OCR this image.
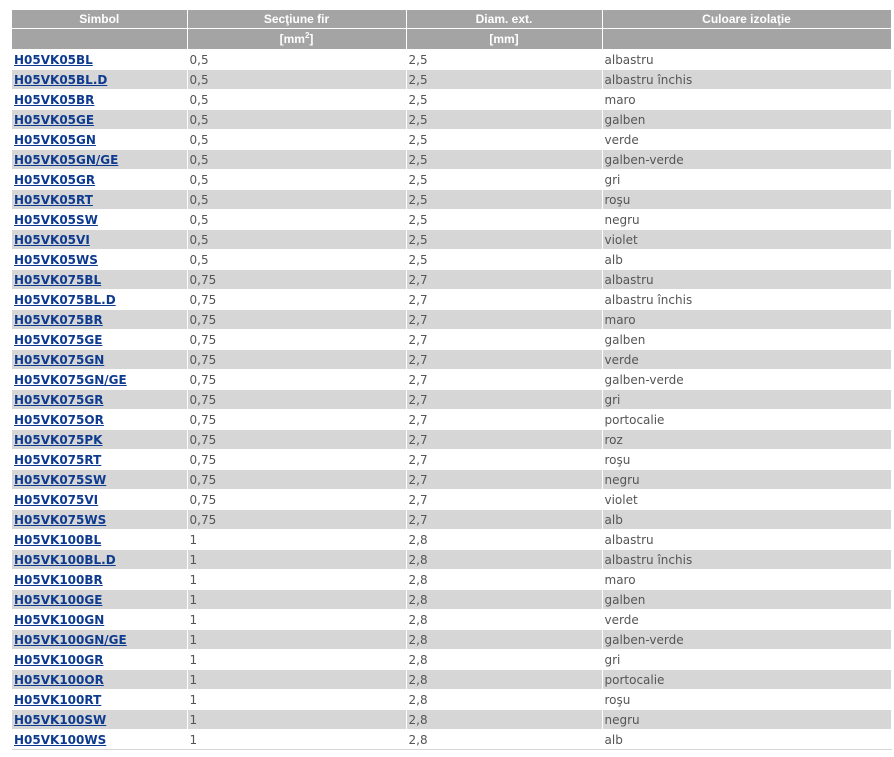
Simbol	Secţiune fir	Diam. ext.	Culoare izolaţie
	$[mm^2]$	[mm]	
H05VK05BL	0,5	2,5	albastru
H05VK05BL.D	0,5	2,5	albastru închis
H05VK05BR	0,5	2,5	maro
H05VK05GE	0,5	2,5	galben
H05VK05GN	0,5	2,5	verde
H05VK05GN/GE	0,5	2,5	galben-verde
H05VK05GR	0,5	2,5	gri
H05VK05RT	0,5	2,5	roşu
H05VK05SW	0,5	2,5	negru
H05VK05VI	0,5	2,5	violet
H05VK05WS	0,5	2,5	alb
H05VK075BL	0,75	2,7	albastru
H05VK075BL.D	0,75	2,7	albastru închis
H05VK075BR	0,75	2,7	maro
H05VK075GE	0,75	2,7	galben
H05VK075GN	0,75	2,7	verde
H05VK075GN/GE	0,75	2,7	galben-verde
H05VK075GR	0,75	2,7	gri
H05VK075OR	0,75	2,7	portocalie
H05VK075PK	0,75	2,7	roz
H05VK075RT	0,75	2,7	roşu
H05VK075SW	0,75	2,7	negru
H05VK075VI	0,75	2,7	violet
H05VK075WS	0,75	2,7	alb
H05VK100BL	1	2,8	albastru
H05VK100BL.D	1	2,8	albastru închis
H05VK100BR	1	2,8	maro
H05VK100GE	1	2,8	galben
H05VK100GN	1	2,8	verde
H05VK100GN/GE	1	2,8	galben-verde
H05VK100GR	1	2,8	gri
H05VK100OR	1	2,8	portocalie
H05VK100RT	1	2,8	roşu
H05VK100SW	1	2,8	negru
H05VK100WS	1	2,8	alb
